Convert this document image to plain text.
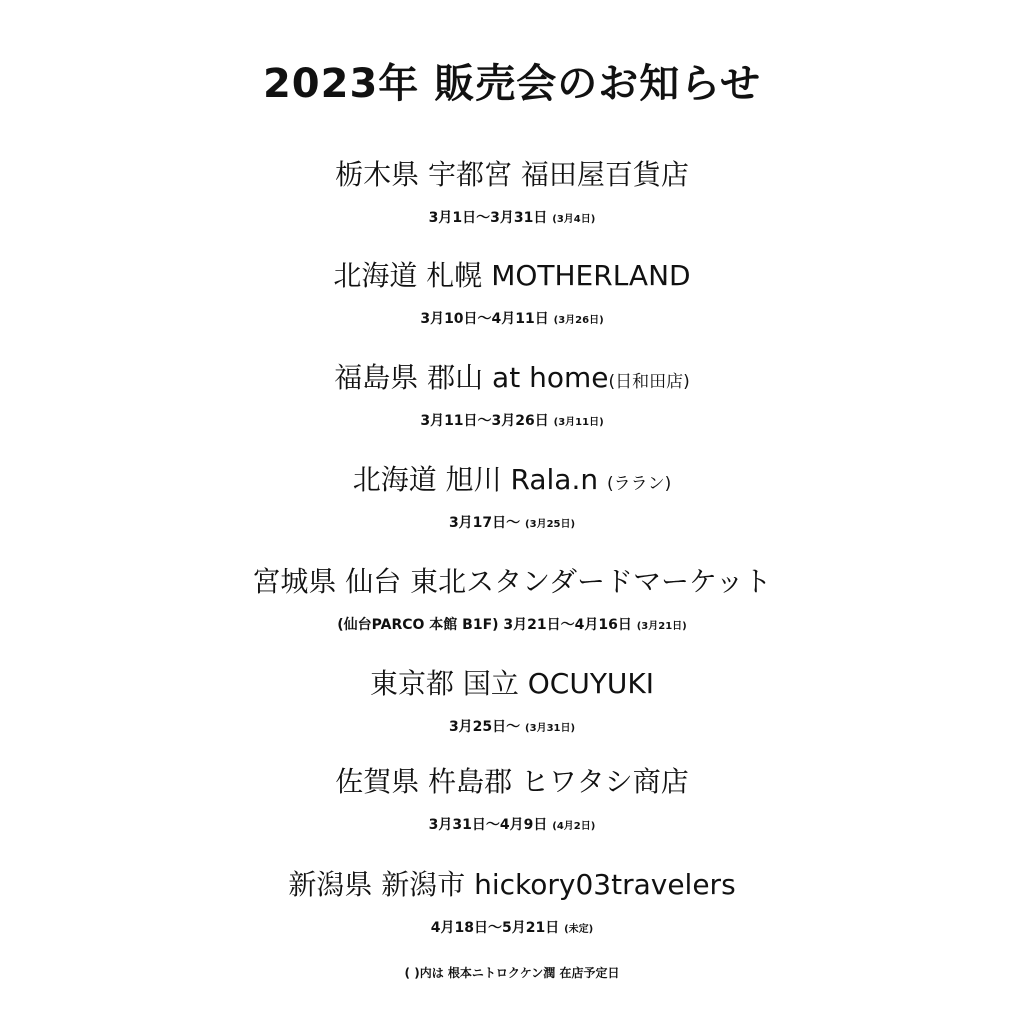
2023年 販売会のお知らせ
栃木県 宇都宮 福田屋百貨店
3月1日〜3月31日 (3月4日)
北海道 札幌 MOTHERLAND
3月10日〜4月11日 (3月26日)
福島県 郡山 at home(日和田店)
3月11日〜3月26日 (3月11日)
北海道 旭川 Rala.n (ララン)
3月17日〜 (3月25日)
宮城県 仙台 東北スタンダードマーケット
(仙台PARCO 本館 B1F) 3月21日〜4月16日 (3月21日)
東京都 国立 OCUYUKI
3月25日〜 (3月31日)
佐賀県 杵島郡 ヒワタシ商店
3月31日〜4月9日 (4月2日)
新潟県 新潟市 hickory03travelers
4月18日〜5月21日 (未定)
( )内は 根本ニトロクケン潤 在店予定日
